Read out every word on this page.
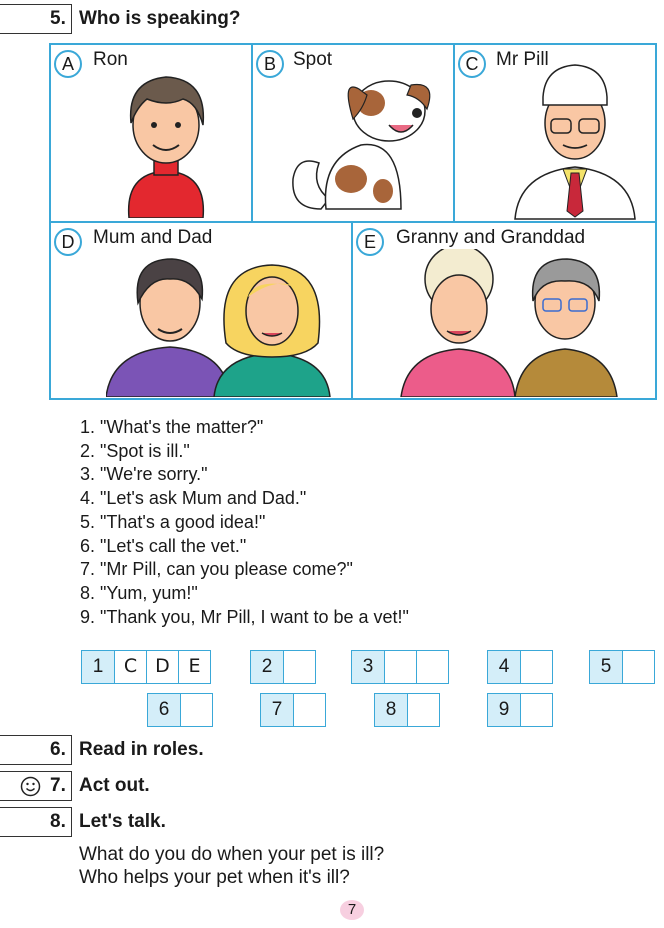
5. Who is speaking?
A	Ron	B Spot	C Mr Pill
D Mum and Dad	E	Granny and Granddad
1. "What's the matter?"
2. "Spot is ill."
3. "We're sorry."
4. "Let's ask Mum and Dad."
5. "That's a good idea!"
6. "Let's call the vet."
7. "Mr Pill, can you please come?"
8. "Yum, yum!"
9. "Thank you, Mr Pill, I want to be a vet!"
1	C D E	2	3	4	5
6	7	8	9
6. Read in roles.
7. Act out.
8. Let's talk.
What do you do when your pet is ill?
Who helps your pet when it's ill?
7
